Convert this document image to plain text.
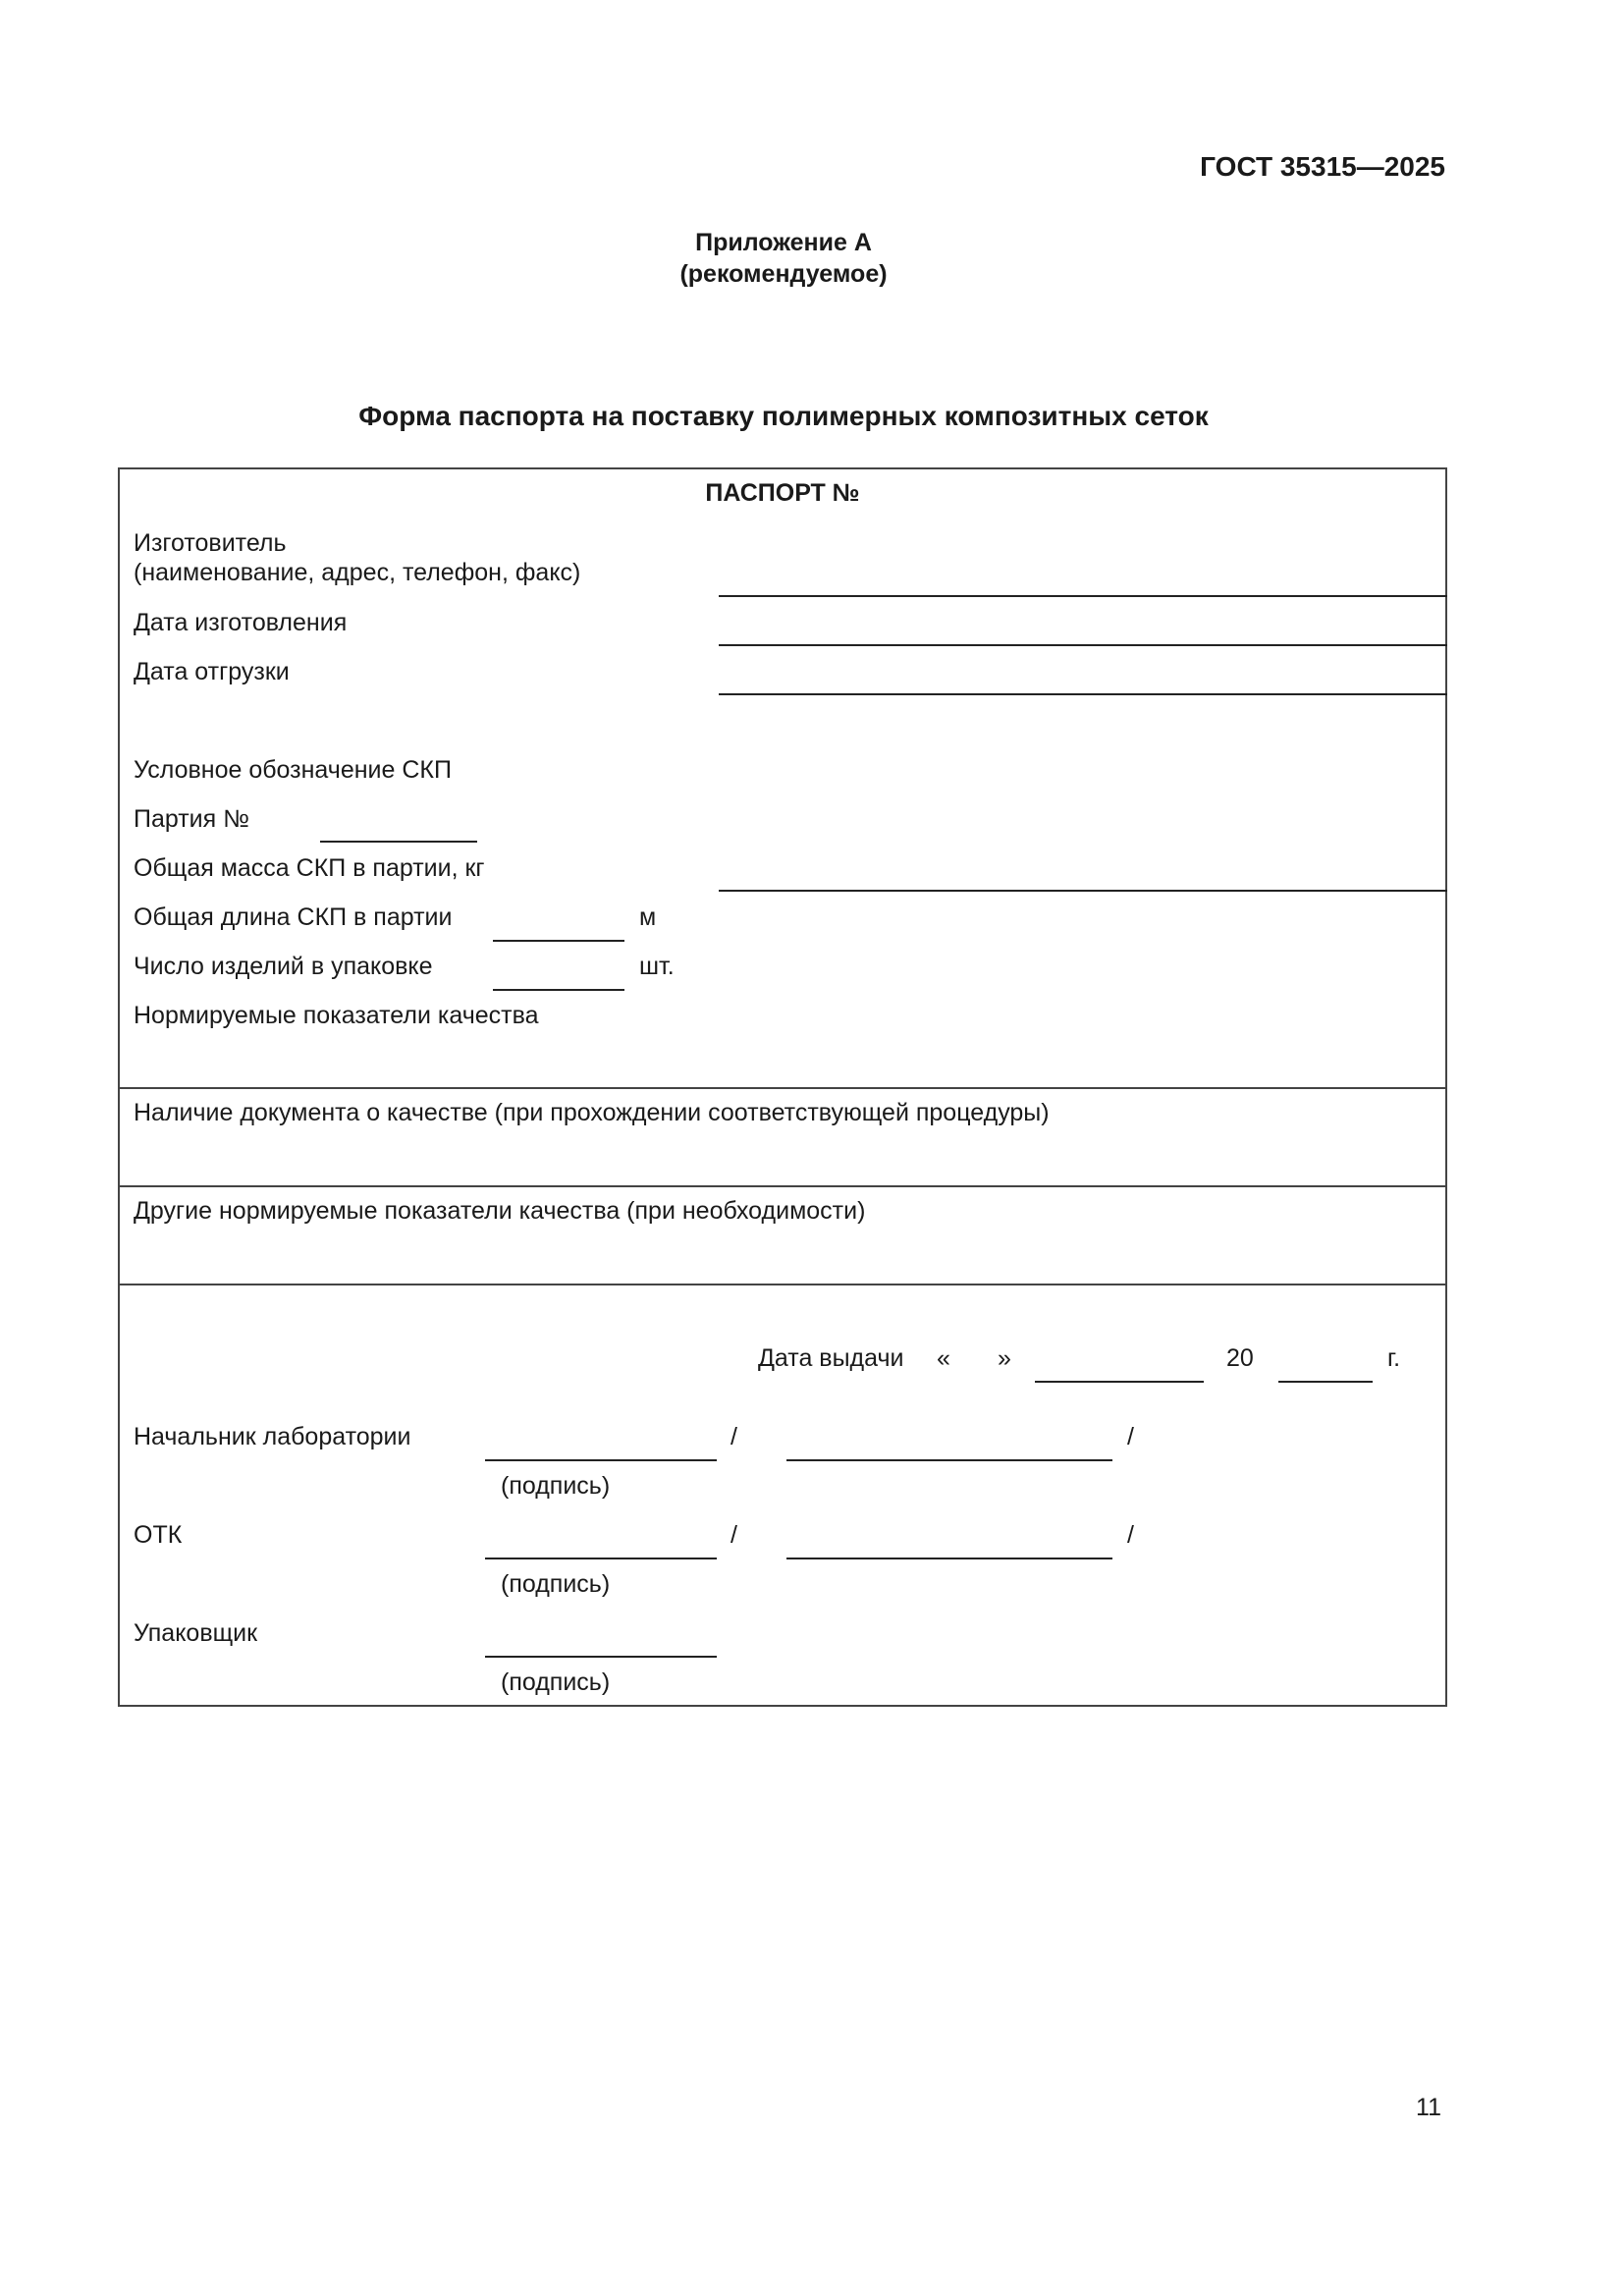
ГОСТ 35315—2025
Приложение А
(рекомендуемое)
Форма паспорта на поставку полимерных композитных сеток
ПАСПОРТ №
Изготовитель
(наименование, адрес, телефон, факс)
Дата изготовления
Дата отгрузки
Условное обозначение СКП
Партия №
Общая масса СКП в партии, кг
Общая длина СКП в партии	м
Число изделий в упаковке	шт.
Нормируемые показатели качества
Наличие документа о качестве (при прохождении соответствующей процедуры)
Другие нормируемые показатели качества (при необходимости)
Дата выдачи « »	20	г.
Начальник лаборатории	/	/
(подпись)
ОТК	/	/
(подпись)
Упаковщик
(подпись)
11
